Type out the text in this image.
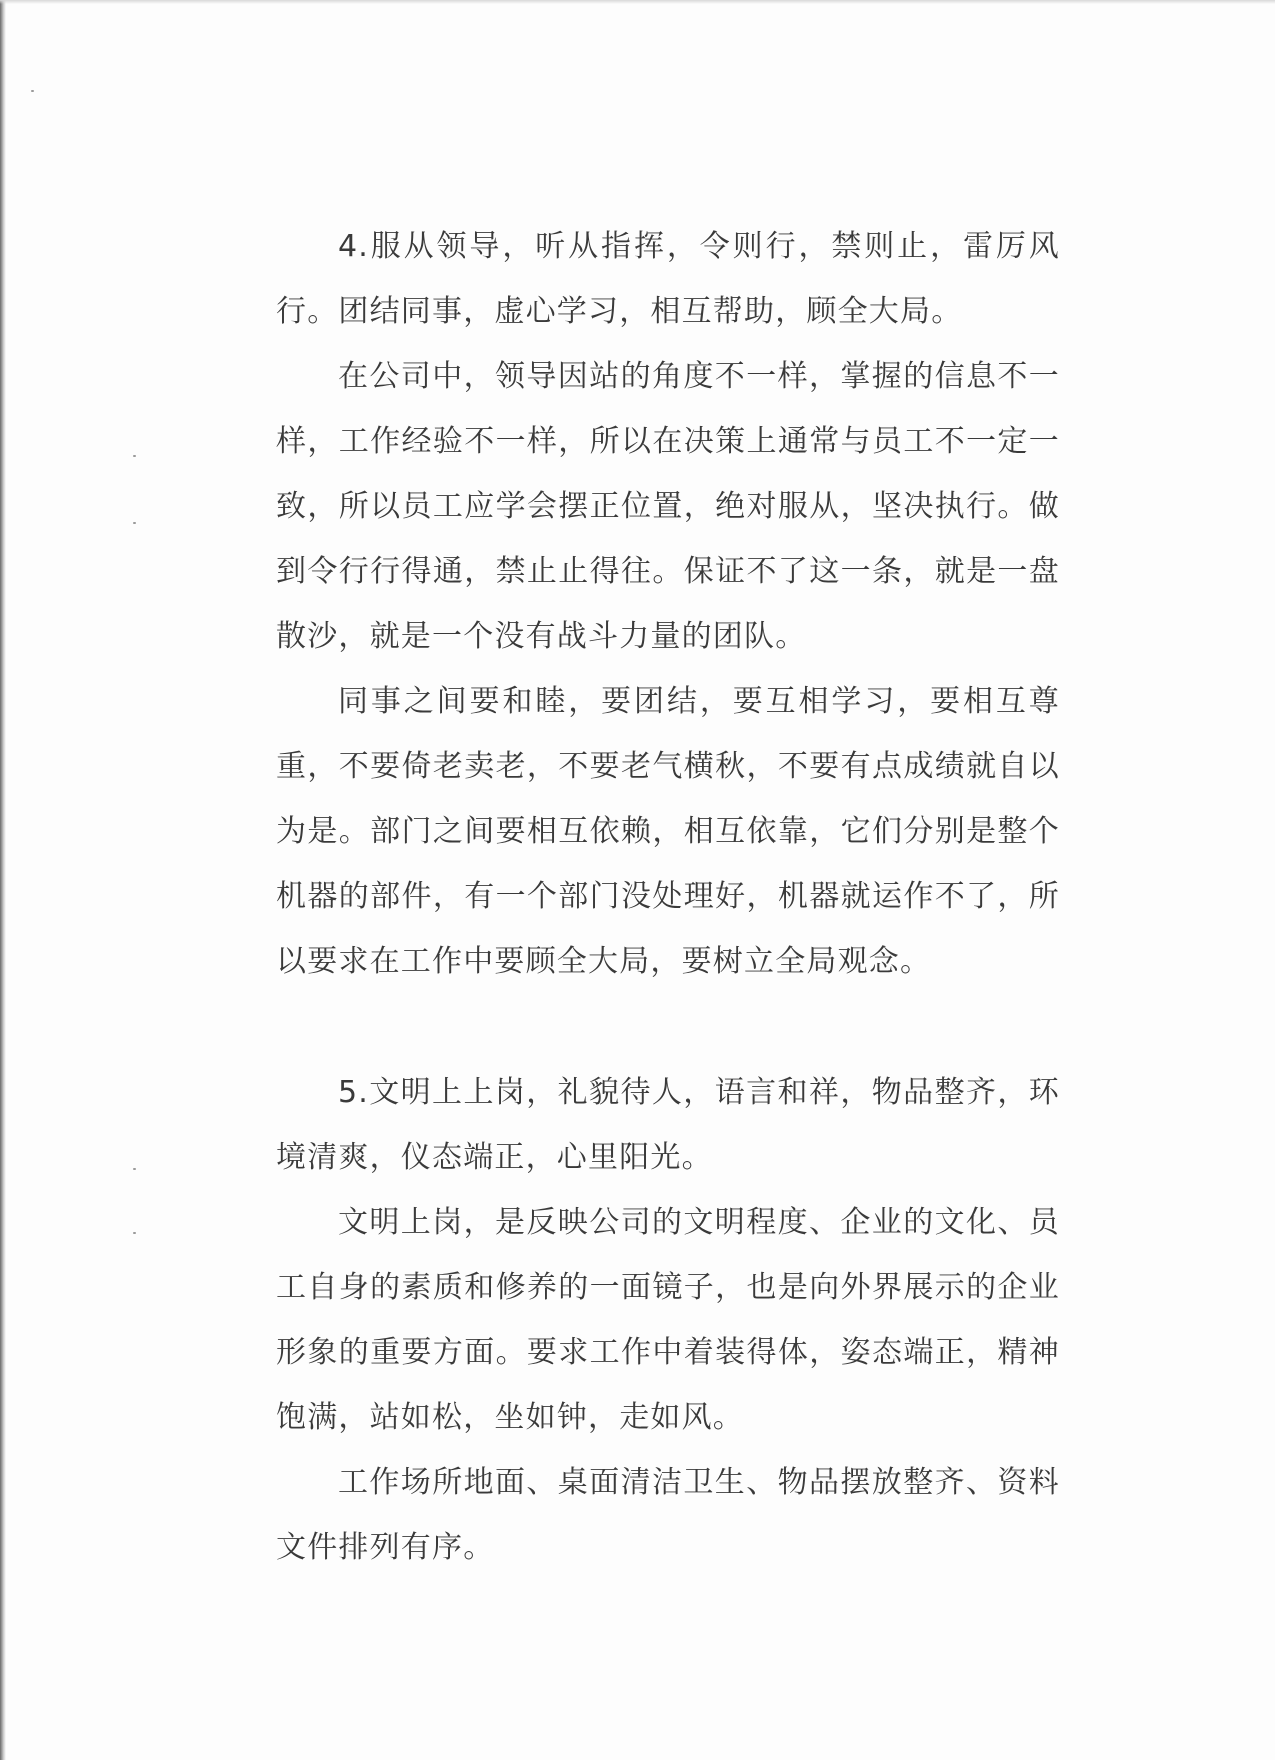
4.服从领导，听从指挥，令则行，禁则止，雷厉风行。团结同事，虚心学习，相互帮助，顾全大局。

在公司中，领导因站的角度不一样，掌握的信息不一样，工作经验不一样，所以在决策上通常与员工不一定一致，所以员工应学会摆正位置，绝对服从，坚决执行。做到令行行得通，禁止止得往。保证不了这一条，就是一盘散沙，就是一个没有战斗力量的团队。

同事之间要和睦，要团结，要互相学习，要相互尊重，不要倚老卖老，不要老气横秋，不要有点成绩就自以为是。部门之间要相互依赖，相互依靠，它们分别是整个机器的部件，有一个部门没处理好，机器就运作不了，所以要求在工作中要顾全大局，要树立全局观念。

5.文明上上岗，礼貌待人，语言和祥，物品整齐，环境清爽，仪态端正，心里阳光。

文明上岗，是反映公司的文明程度、企业的文化、员工自身的素质和修养的一面镜子，也是向外界展示的企业形象的重要方面。要求工作中着装得体，姿态端正，精神饱满，站如松，坐如钟，走如风。

工作场所地面、桌面清洁卫生、物品摆放整齐、资料文件排列有序。
